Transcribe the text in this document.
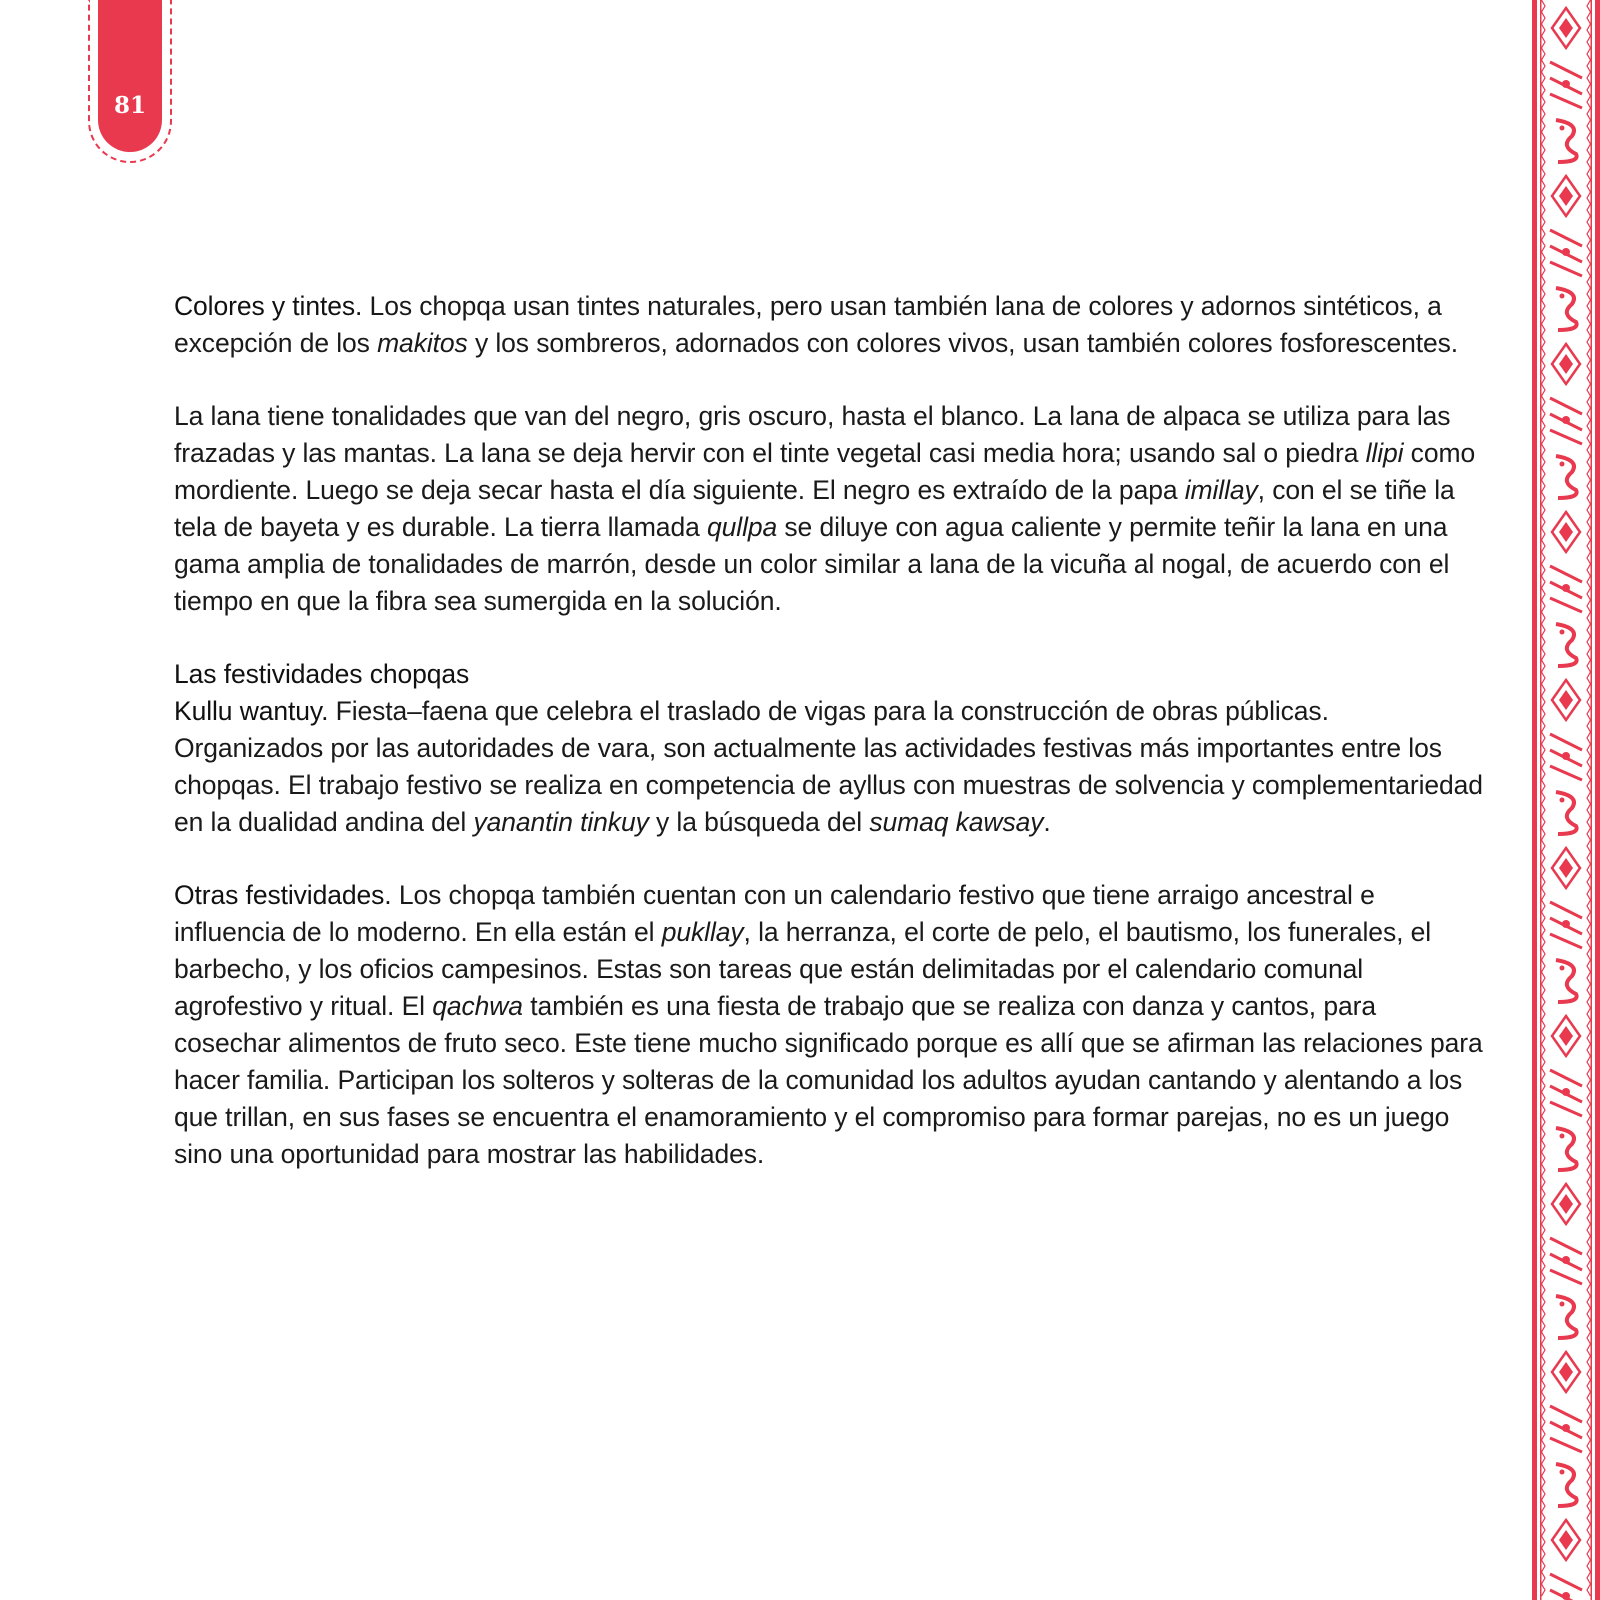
81

Colores y tintes. Los chopqa usan tintes naturales, pero usan también lana de colores y adornos sintéticos, a excepción de los makitos y los sombreros, adornados con colores vivos, usan también colores fosforescentes.

La lana tiene tonalidades que van del negro, gris oscuro, hasta el blanco. La lana de alpaca se utiliza para las frazadas y las mantas. La lana se deja hervir con el tinte vegetal casi media hora; usando sal o piedra llipi como mordiente. Luego se deja secar hasta el día siguiente. El negro es extraído de la papa imillay, con el se tiñe la tela de bayeta y es durable. La tierra llamada qullpa se diluye con agua caliente y permite teñir la lana en una gama amplia de tonalidades de marrón, desde un color similar a lana de la vicuña al nogal, de acuerdo con el tiempo en que la fibra sea sumergida en la solución.

Las festividades chopqas

Kullu wantuy. Fiesta–faena que celebra el traslado de vigas para la construcción de obras públicas. Organizados por las autoridades de vara, son actualmente las actividades festivas más importantes entre los chopqas. El trabajo festivo se realiza en competencia de ayllus con muestras de solvencia y complementariedad en la dualidad andina del yanantin tinkuy y la búsqueda del sumaq kawsay.

Otras festividades. Los chopqa también cuentan con un calendario festivo que tiene arraigo ancestral e influencia de lo moderno. En ella están el pukllay, la herranza, el corte de pelo, el bautismo, los funerales, el barbecho, y los oficios campesinos. Estas son tareas que están delimitadas por el calendario comunal agrofestivo y ritual. El qachwa también es una fiesta de trabajo que se realiza con danza y cantos, para cosechar alimentos de fruto seco. Este tiene mucho significado porque es allí que se afirman las relaciones para hacer familia. Participan los solteros y solteras de la comunidad los adultos ayudan cantando y alentando a los que trillan, en sus fases se encuentra el enamoramiento y el compromiso para formar parejas, no es un juego sino una oportunidad para mostrar las habilidades.
